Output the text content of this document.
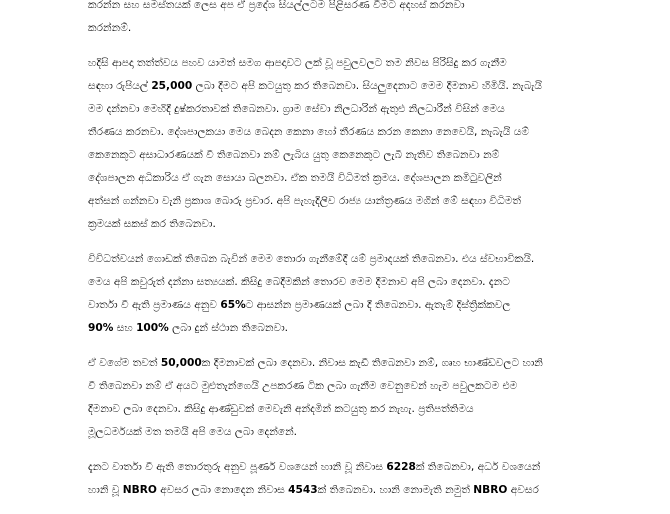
කරන්න සහ සමස්තයක් ලෙස අප ඒ ප්‍රදේශ සියල්ලටම පිළිසරණ වීමට අදහස් කරනවා
කරන්නම්.
හදිසි ආපදා තත්ත්වය පහව යාමත් සමග ආපදාවට ලක් වූ පවුලවලට තම නිවස පිරිසිදු කර ගැනීම
සඳහා රුපියල් 25,000 ලබා දීමට අපි කටයුතු කර තිබෙනවා. සියලුදෙනාට මෙම දීමනාව හිමියි. නැබැයි
මම දන්නවා මෙහිදී දුෂ්කරතාවක් තිබෙනවා. ග්‍රාම සේවා නිලධාරින් ඇතුළු නිලධාරීන් විසින් මෙය
තීරණය කරනවා. දේශපාලකයා මෙය බෙදන කෙනා හෝ තීරණය කරන කෙනා නෙවෙයි, නැබැයි යම්
කෙනෙකුට අසාධාරණයක් වී තිබෙනවා නම් ලැබිය යුතු කෙනෙකුට ලැබී නැතිව තිබෙනවා නම්
දේශපාලන අධිකාරිය ඒ ගැන සොයා බලනවා. ඒක තමයි විධිමත් ක්‍රමය. දේශපාලන කමිටුවලින්
අත්සන් ගන්නවා වැනි ප්‍රකාශ බොරු ප්‍රචාර. අපි පැහැදිලිව රාජ්‍ය යාන්ත්‍රණය මගින් මේ සඳහා විධිමත්
ක්‍රමයක් සකස් කර තිබෙනවා.
විවිධත්වයන් ගොඩක් තිබෙන බැවින් මෙම තොරා ගැනීමේදී යම් ප්‍රමාදයක් තිබෙනවා. එය ස්වභාවිකයි.
මෙය අපි කවුරුත් දන්නා සත්‍යයක්. කිසිදු බෙදීමකින් තොරව මෙම දීමනාව අපි ලබා දෙනවා. දැනට
වාර්තා වී ඇති ප්‍රමාණය අනුව 65%ට ආසන්න ප්‍රමාණයක් ලබා දී තිබෙනවා. ඇතැම් දිස්ත්‍රික්කවල
90% සහ 100% ලබා දුන් ස්ථාන තිබෙනවා.
ඒ වගේම තවත් 50,000ක දීමනාවක් ලබා දෙනවා. නිවාස කැඩී තිබෙනවා නම්, ගෘහ භාණ්ඩවලට හානි
වී තිබෙනවා නම් ඒ අයට මුළුතැන්ගෙයි උපකරණ ටික ලබා ගැනීම වෙනුවෙන් හැම පවුලකටම එම
දීමනාව ලබා දෙනවා. කිසිදු ආණ්ඩුවක් මෙවැනි අන්දමින් කටයුතු කර නැහැ. ප්‍රතිපත්තිමය
මූලධර්මයක් මත තමයි අපි මෙය ලබා දෙන්නේ.
දැනට වාර්තා වී ඇති තොරතුරු අනුව පූර්ණ වශයෙන් හානි වූ නිවාස 6228ක් තිබෙනවා, අර්ධ වශයෙන්
හානි වූ NBRO අවසර ලබා නොදෙන නිවාස 4543ක් තිබෙනවා. හානි නොමැති නමුත් NBRO අවසර
